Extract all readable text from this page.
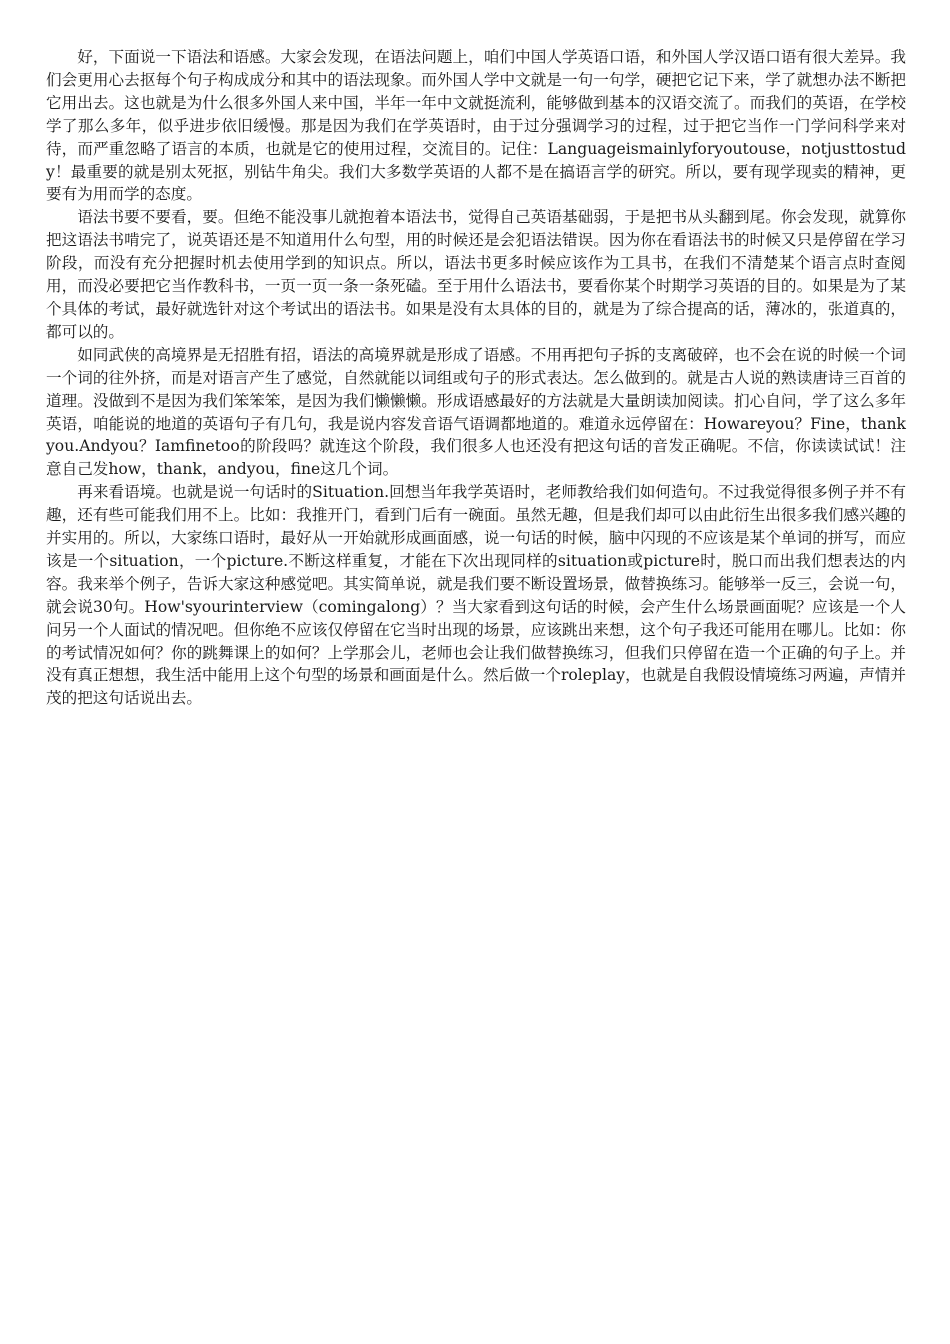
好，下面说一下语法和语感。大家会发现，在语法问题上，咱们中国人学英语口语，和外国人学汉语口语有很大差异。我们会更用心去抠每个句子构成成分和其中的语法现象。而外国人学中文就是一句一句学，硬把它记下来，学了就想办法不断把它用出去。这也就是为什么很多外国人来中国，半年一年中文就挺流利，能够做到基本的汉语交流了。而我们的英语，在学校学了那么多年，似乎进步依旧缓慢。那是因为我们在学英语时，由于过分强调学习的过程，过于把它当作一门学问科学来对待，而严重忽略了语言的本质，也就是它的使用过程，交流目的。记住：Languageismainlyforyoutouse，notjusttostudy！最重要的就是别太死抠，别钻牛角尖。我们大多数学英语的人都不是在搞语言学的研究。所以，要有现学现卖的精神，更要有为用而学的态度。

语法书要不要看，要。但绝不能没事儿就抱着本语法书，觉得自己英语基础弱，于是把书从头翻到尾。你会发现，就算你把这语法书啃完了，说英语还是不知道用什么句型，用的时候还是会犯语法错误。因为你在看语法书的时候又只是停留在学习阶段，而没有充分把握时机去使用学到的知识点。所以，语法书更多时候应该作为工具书，在我们不清楚某个语言点时查阅用，而没必要把它当作教科书，一页一页一条一条死磕。至于用什么语法书，要看你某个时期学习英语的目的。如果是为了某个具体的考试，最好就选针对这个考试出的语法书。如果是没有太具体的目的，就是为了综合提高的话，薄冰的，张道真的，都可以的。

如同武侠的高境界是无招胜有招，语法的高境界就是形成了语感。不用再把句子拆的支离破碎，也不会在说的时候一个词一个词的往外挤，而是对语言产生了感觉，自然就能以词组或句子的形式表达。怎么做到的。就是古人说的熟读唐诗三百首的道理。没做到不是因为我们笨笨笨，是因为我们懒懒懒。形成语感最好的方法就是大量朗读加阅读。扪心自问，学了这么多年英语，咱能说的地道的英语句子有几句，我是说内容发音语气语调都地道的。难道永远停留在：Howareyou？Fine，thankyou.Andyou？Iamfinetoo的阶段吗？就连这个阶段，我们很多人也还没有把这句话的音发正确呢。不信，你读读试试！注意自己发how，thank，andyou，fine这几个词。

再来看语境。也就是说一句话时的Situation.回想当年我学英语时，老师教给我们如何造句。不过我觉得很多例子并不有趣，还有些可能我们用不上。比如：我推开门，看到门后有一碗面。虽然无趣，但是我们却可以由此衍生出很多我们感兴趣的并实用的。所以，大家练口语时，最好从一开始就形成画面感，说一句话的时候，脑中闪现的不应该是某个单词的拼写，而应该是一个situation，一个picture.不断这样重复，才能在下次出现同样的situation或picture时，脱口而出我们想表达的内容。我来举个例子，告诉大家这种感觉吧。其实简单说，就是我们要不断设置场景，做替换练习。能够举一反三，会说一句，就会说30句。How'syourinterview（comingalong）？当大家看到这句话的时候，会产生什么场景画面呢？应该是一个人问另一个人面试的情况吧。但你绝不应该仅停留在它当时出现的场景，应该跳出来想，这个句子我还可能用在哪儿。比如：你的考试情况如何？你的跳舞课上的如何？上学那会儿，老师也会让我们做替换练习，但我们只停留在造一个正确的句子上。并没有真正想想，我生活中能用上这个句型的场景和画面是什么。然后做一个roleplay，也就是自我假设情境练习两遍，声情并茂的把这句话说出去。
